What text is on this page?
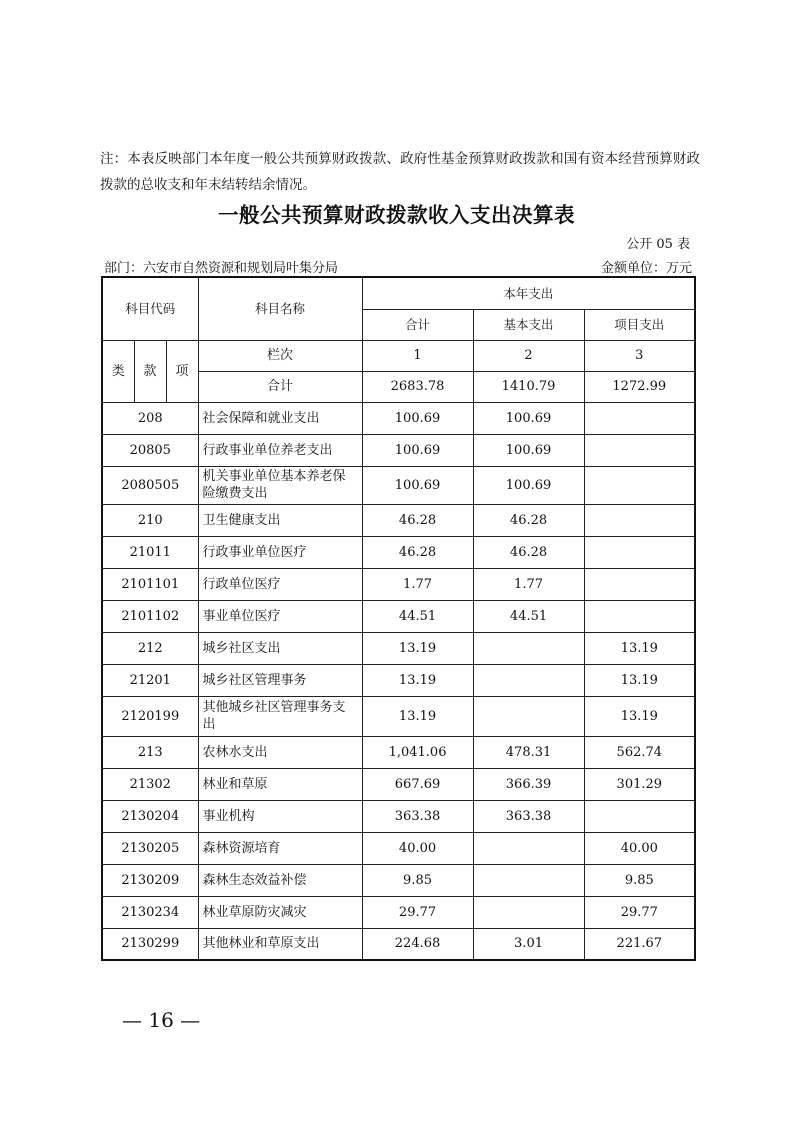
注：本表反映部门本年度一般公共预算财政拨款、政府性基金预算财政拨款和国有资本经营预算财政拨款的总收支和年末结转结余情况。
一般公共预算财政拨款收入支出决算表
公开 05 表
部门：六安市自然资源和规划局叶集分局	金额单位：万元
科目代码			科目名称	本年支出		
				合计	基本支出	项目支出
类	款	项	栏次	1	2	3
			合计	2683.78	1410.79	1272.99
208			社会保障和就业支出	100.69	100.69	
20805			行政事业单位养老支出	100.69	100.69	
2080505			机关事业单位基本养老保险缴费支出	100.69	100.69	
210			卫生健康支出	46.28	46.28	
21011			行政事业单位医疗	46.28	46.28	
2101101			行政单位医疗	1.77	1.77	
2101102			事业单位医疗	44.51	44.51	
212			城乡社区支出	13.19		13.19
21201			城乡社区管理事务	13.19		13.19
2120199			其他城乡社区管理事务支出	13.19		13.19
213			农林水支出	1,041.06	478.31	562.74
21302			林业和草原	667.69	366.39	301.29
2130204			事业机构	363.38	363.38	
2130205			森林资源培育	40.00		40.00
2130209			森林生态效益补偿	9.85		9.85
2130234			林业草原防灾减灾	29.77		29.77
2130299			其他林业和草原支出	224.68	3.01	221.67
— 16 —
